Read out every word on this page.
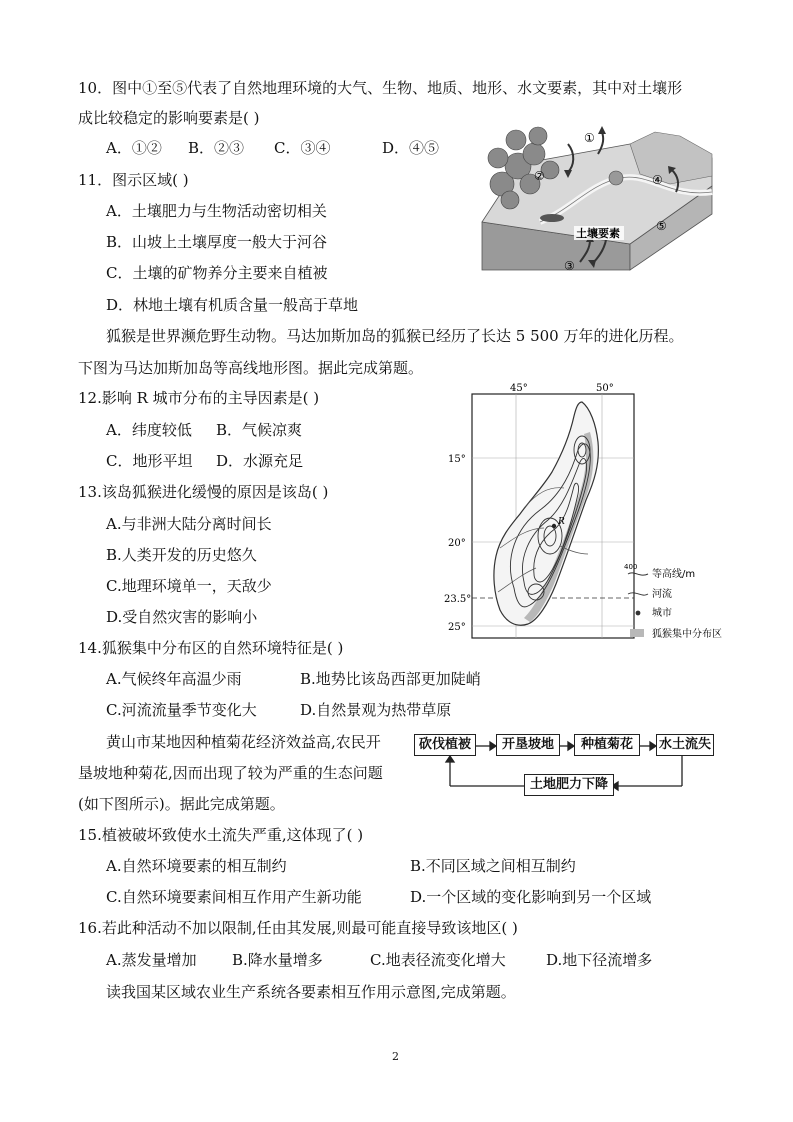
10．图中①至⑤代表了自然地理环境的大气、生物、地质、地形、水文要素，其中对土壤形
成比较稳定的影响要素是( )
A．①② B．②③ C．③④	D．④⑤
11．图示区域( )
A．土壤肥力与生物活动密切相关
B．山坡上土壤厚度一般大于河谷
C．土壤的矿物养分主要来自植被
D．林地土壤有机质含量一般高于草地
①
②
③
④
⑤
土壤要素
狐猴是世界濒危野生动物。马达加斯加岛的狐猴已经历了长达 5 500 万年的进化历程。
下图为马达加斯加岛等高线地形图。据此完成第题。
12.影响 R 城市分布的主导因素是( )
A．纬度较低 B．气候凉爽
C．地形平坦 D．水源充足
13.该岛狐猴进化缓慢的原因是该岛( )
A.与非洲大陆分离时间长
B.人类开发的历史悠久
C.地理环境单一，天敌少
D.受自然灾害的影响小
45°	50°
15°
20°
23.5°
25°
R
400
等高线/m
河流
城市
狐猴集中分布区
14.狐猴集中分布区的自然环境特征是( )
A.气候终年高温少雨	B.地势比该岛西部更加陡峭
C.河流流量季节变化大	D.自然景观为热带草原
黄山市某地因种植菊花经济效益高,农民开
垦坡地种菊花,因而出现了较为严重的生态问题
(如下图所示)。据此完成第题。
砍伐植被	开垦坡地	种植菊花	水土流失
土地肥力下降
15.植被破坏致使水土流失严重,这体现了( )
A.自然环境要素的相互制约	B.不同区域之间相互制约
C.自然环境要素间相互作用产生新功能	D.一个区域的变化影响到另一个区域
16.若此种活动不加以限制,任由其发展,则最可能直接导致该地区( )
A.蒸发量增加 B.降水量增多	C.地表径流变化增大	D.地下径流增多
读我国某区域农业生产系统各要素相互作用示意图,完成第题。
2
